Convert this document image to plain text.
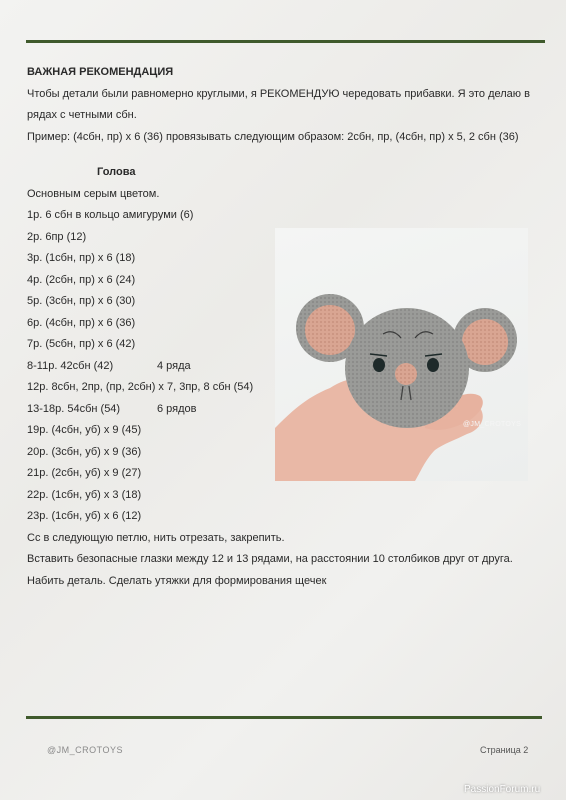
ВАЖНАЯ РЕКОМЕНДАЦИЯ

Чтобы детали были равномерно круглыми, я РЕКОМЕНДУЮ чередовать прибавки. Я это делаю в рядах с четными сбн.

Пример: (4сбн, пр) х 6 (36) провязывать следующим образом: 2сбн, пр, (4сбн, пр) х 5, 2 сбн (36)

Голова
Основным серым цветом.
1р. 6 сбн в кольцо амигуруми (6)
2р. 6пр (12)
3р. (1сбн, пр) х 6 (18)
4р. (2сбн, пр) х 6 (24)
5р. (3сбн, пр) х 6 (30)
6р. (4сбн, пр) х 6 (36)
7р. (5сбн, пр) х 6 (42)
8-11р. 42сбн (42)	4 ряда
12р. 8сбн, 2пр, (пр, 2сбн) х 7, 3пр, 8 сбн (54)
13-18р. 54сбн (54)	6 рядов
19р. (4сбн, уб) х 9 (45)
20р. (3сбн, уб) х 9 (36)
21р. (2сбн, уб) х 9 (27)
22р. (1сбн, уб) х 3 (18)
23р. (1сбн, уб) х 6 (12)
Сс в следующую петлю, нить отрезать, закрепить.
Вставить безопасные глазки между 12 и 13 рядами, на расстоянии 10 столбиков друг от друга.
Набить деталь. Сделать утяжки для формирования щечек
@JM_CROTOYS
@JM_CROTOYS	Страница 2
PassionForum.ru
